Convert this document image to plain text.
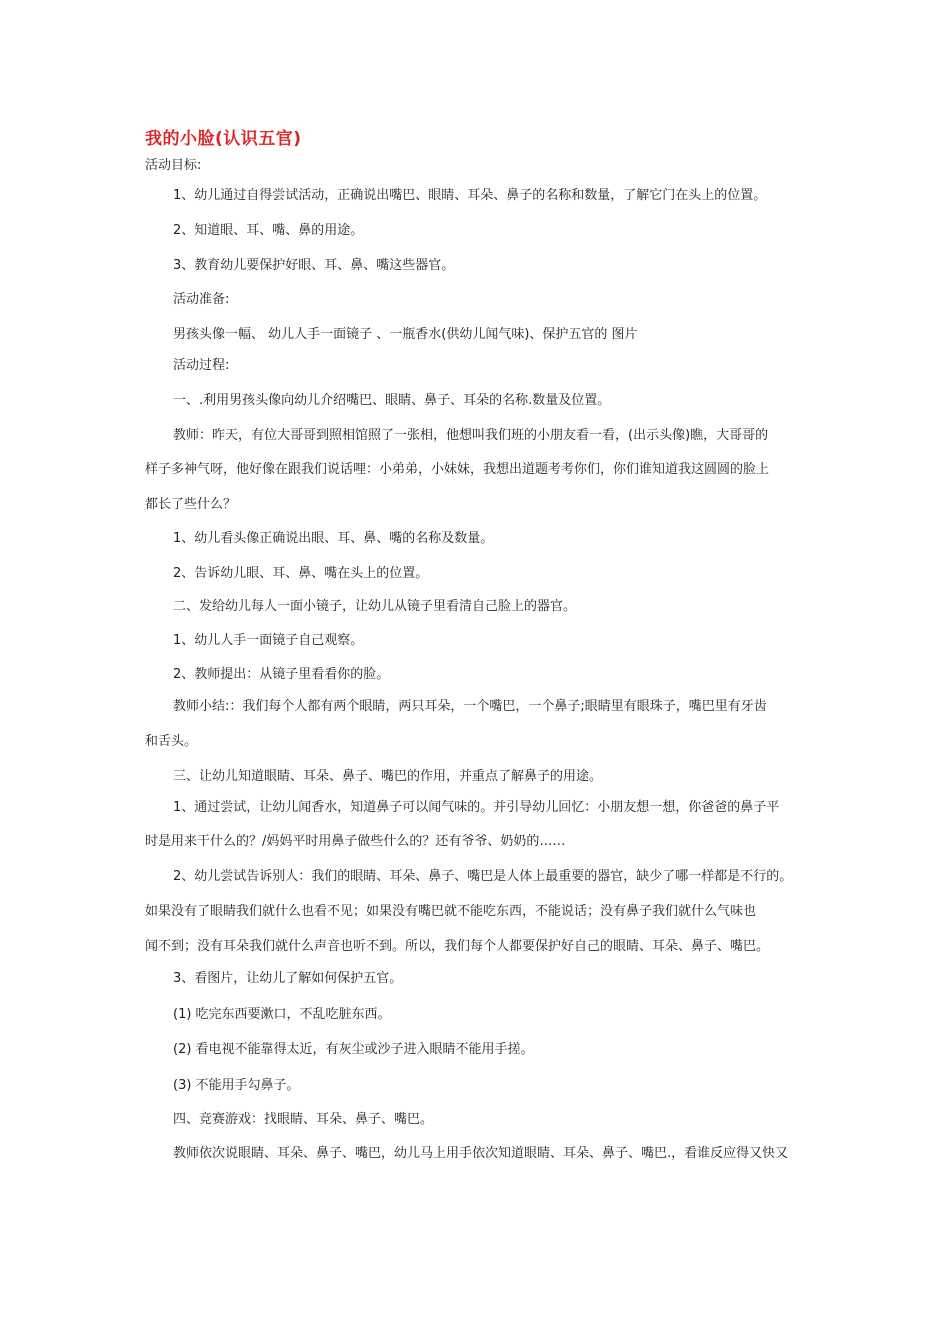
我的小脸(认识五官)
活动目标:
1、幼儿通过自得尝试活动，正确说出嘴巴、眼睛、耳朵、鼻子的名称和数量，了解它门在头上的位置。
2、知道眼、耳、嘴、鼻的用途。
3、教育幼儿要保护好眼、耳、鼻、嘴这些器官。
活动准备:
男孩头像一幅、 幼儿人手一面镜子 、一瓶香水(供幼儿闻气味)、保护五官的 图片
活动过程:
一、.利用男孩头像向幼儿介绍嘴巴、眼睛、鼻子、耳朵的名称.数量及位置。
教师：昨天，有位大哥哥到照相馆照了一张相，他想叫我们班的小朋友看一看，(出示头像)瞧，大哥哥的
样子多神气呀，他好像在跟我们说话哩：小弟弟，小妹妹，我想出道题考考你们，你们谁知道我这圆圆的脸上
都长了些什么？
1、幼儿看头像正确说出眼、耳、鼻、嘴的名称及数量。
2、告诉幼儿眼、耳、鼻、嘴在头上的位置。
二、发给幼儿每人一面小镜子，让幼儿从镜子里看清自己脸上的器官。
1、幼儿人手一面镜子自己观察。
2、教师提出：从镜子里看看你的脸。
教师小结:：我们每个人都有两个眼睛，两只耳朵，一个嘴巴，一个鼻子;眼睛里有眼珠子，嘴巴里有牙齿
和舌头。
三、让幼儿知道眼睛、耳朵、鼻子、嘴巴的作用，并重点了解鼻子的用途。
1、通过尝试，让幼儿闻香水，知道鼻子可以闻气味的。并引导幼儿回忆：小朋友想一想，你爸爸的鼻子平
时是用来干什么的？/妈妈平时用鼻子做些什么的？还有爷爷、奶奶的……
2、幼儿尝试告诉别人：我们的眼睛、耳朵、鼻子、嘴巴是人体上最重要的器官，缺少了哪一样都是不行的。
如果没有了眼睛我们就什么也看不见；如果没有嘴巴就不能吃东西，不能说话；没有鼻子我们就什么气味也
闻不到；没有耳朵我们就什么声音也听不到。所以，我们每个人都要保护好自己的眼睛、耳朵、鼻子、嘴巴。
3、看图片，让幼儿了解如何保护五官。
(1) 吃完东西要漱口，不乱吃脏东西。
(2) 看电视不能靠得太近，有灰尘或沙子进入眼睛不能用手搓。
(3) 不能用手勾鼻子。
四、竞赛游戏：找眼睛、耳朵、鼻子、嘴巴。
教师依次说眼睛、耳朵、鼻子、嘴巴，幼儿马上用手依次知道眼睛、耳朵、鼻子、嘴巴.，看谁反应得又快又
